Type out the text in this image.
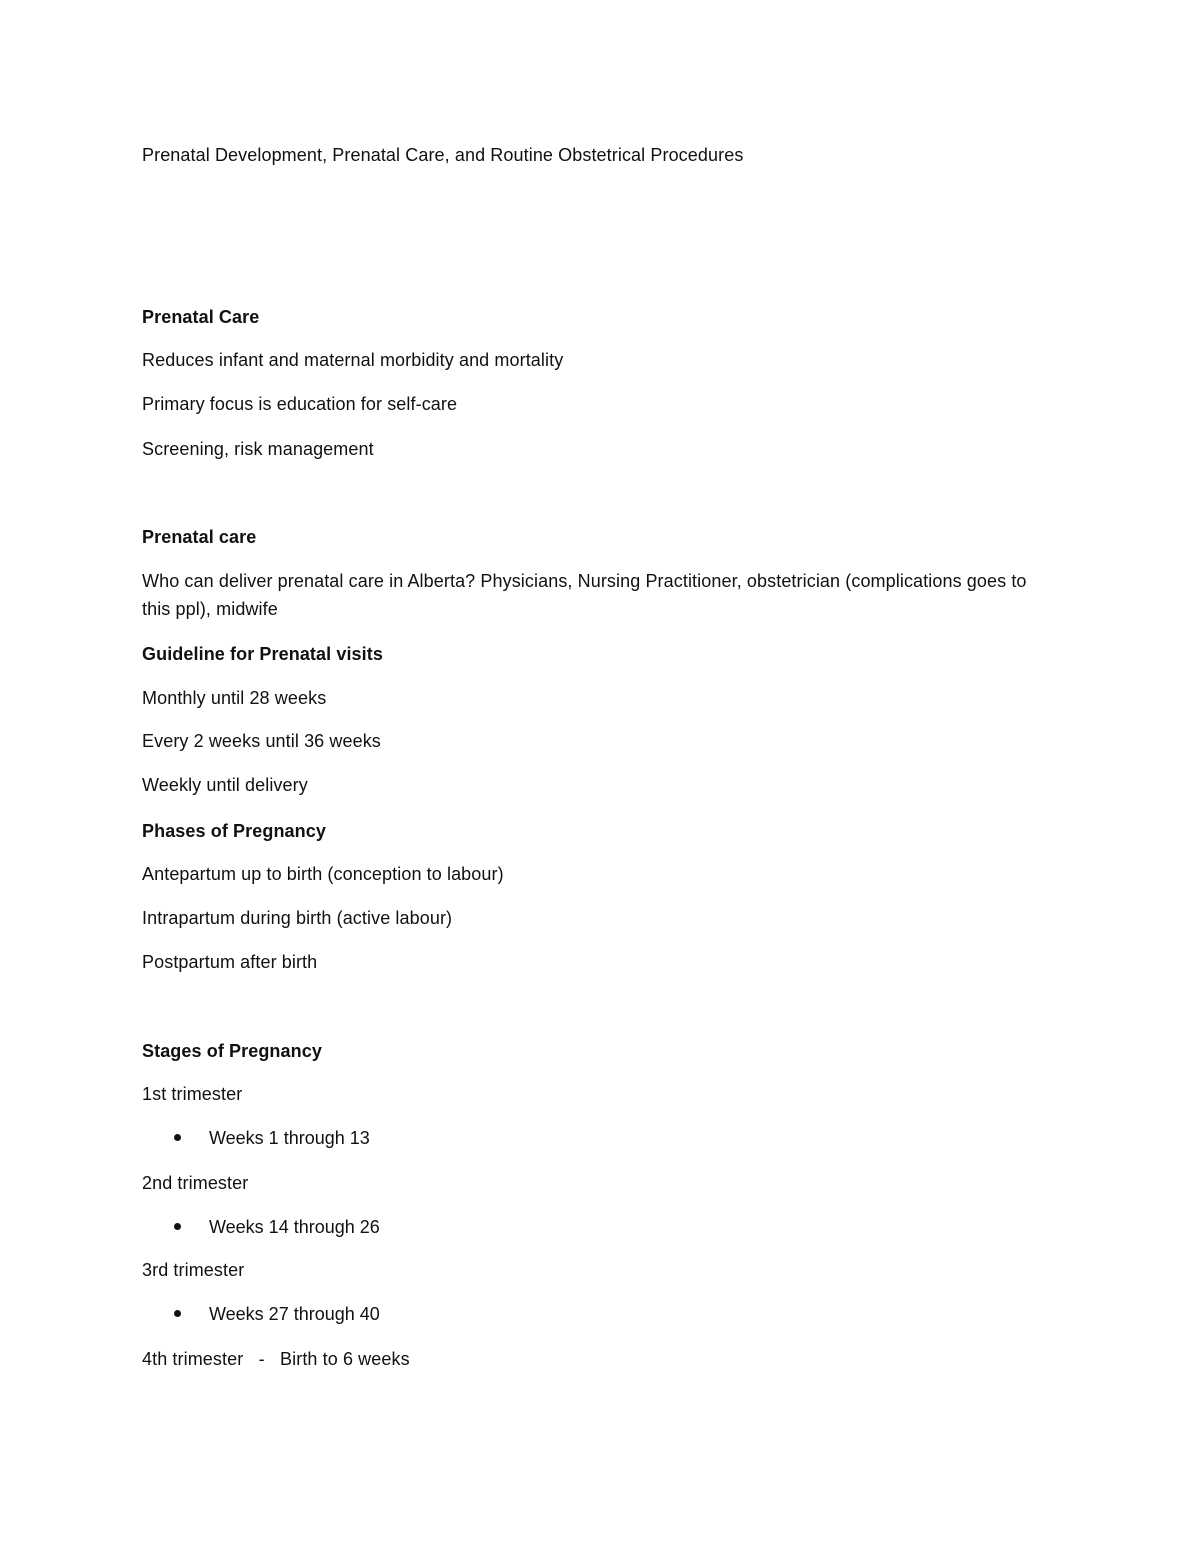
Prenatal Development, Prenatal Care, and Routine Obstetrical Procedures
Prenatal Care
Reduces infant and maternal morbidity and mortality
Primary focus is education for self-care
Screening, risk management
Prenatal care
Who can deliver prenatal care in Alberta? Physicians, Nursing Practitioner, obstetrician (complications goes to this ppl), midwife
Guideline for Prenatal visits
Monthly until 28 weeks
Every 2 weeks until 36 weeks
Weekly until delivery
Phases of Pregnancy
Antepartum up to birth (conception to labour)
Intrapartum during birth (active labour)
Postpartum after birth
Stages of Pregnancy
1st trimester
Weeks 1 through 13
2nd trimester
Weeks 14 through 26
3rd trimester
Weeks 27 through 40
4th trimester   -   Birth to 6 weeks
